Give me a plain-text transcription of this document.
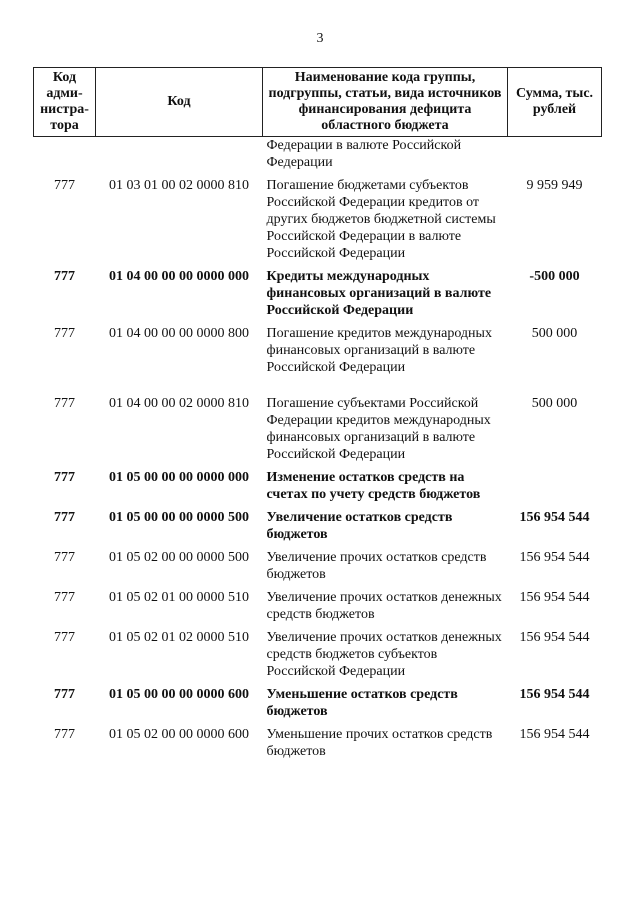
3
Код адми-нистра-тора	Код	Наименование кода группы, подгруппы, статьи, вида источников финансирования дефицита областного бюджета	Сумма, тыс. рублей
		Федерации в валюте Российской Федерации	
777	01 03 01 00 02 0000 810	Погашение бюджетами субъектов Российской Федерации кредитов от других бюджетов бюджетной системы Российской Федерации в валюте Российской Федерации	9 959 949
777	01 04 00 00 00 0000 000	Кредиты международных финансовых организаций в валюте Российской Федерации	-500 000
777	01 04 00 00 00 0000 800	Погашение кредитов международных финансовых организаций в валюте Российской Федерации	500 000
777	01 04 00 00 02 0000 810	Погашение субъектами Российской Федерации кредитов международных финансовых организаций в валюте Российской Федерации	500 000
777	01 05 00 00 00 0000 000	Изменение остатков средств на счетах по учету средств бюджетов	
777	01 05 00 00 00 0000 500	Увеличение остатков средств бюджетов	156 954 544
777	01 05 02 00 00 0000 500	Увеличение прочих остатков средств бюджетов	156 954 544
777	01 05 02 01 00 0000 510	Увеличение прочих остатков денежных средств бюджетов	156 954 544
777	01 05 02 01 02 0000 510	Увеличение прочих остатков денежных средств бюджетов субъектов Российской Федерации	156 954 544
777	01 05 00 00 00 0000 600	Уменьшение остатков средств бюджетов	156 954 544
777	01 05 02 00 00 0000 600	Уменьшение прочих остатков средств бюджетов	156 954 544
